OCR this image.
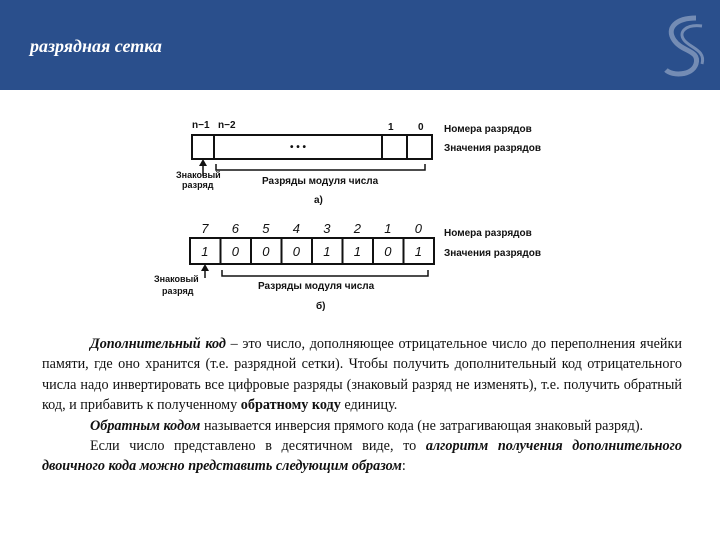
разрядная сетка
n−1 n−2	1 0
• • •
Номера разрядов
Значения разрядов
Знаковый
разряд	Разряды модуля числа
а)
7 6 5 4 3 2 1 0
1 0 0 0 1 1 0 1
Номера разрядов
Значения разрядов
Знаковый
разряд	Разряды модуля числа
б)

Дополнительный код – это число, дополняющее отрицательное число до переполнения ячейки памяти, где оно хранится (т.е. разрядной сетки). Чтобы получить дополнительный код отрицательного числа надо инвертировать все цифровые разряды (знаковый разряд не изменять), т.е. получить обратный код, и прибавить к полученному обратному коду единицу.

Обратным кодом называется инверсия прямого кода (не затрагивающая знаковый разряд).

Если число представлено в десятичном виде, то алгоритм получения дополнительного двоичного кода можно представить следующим образом:
